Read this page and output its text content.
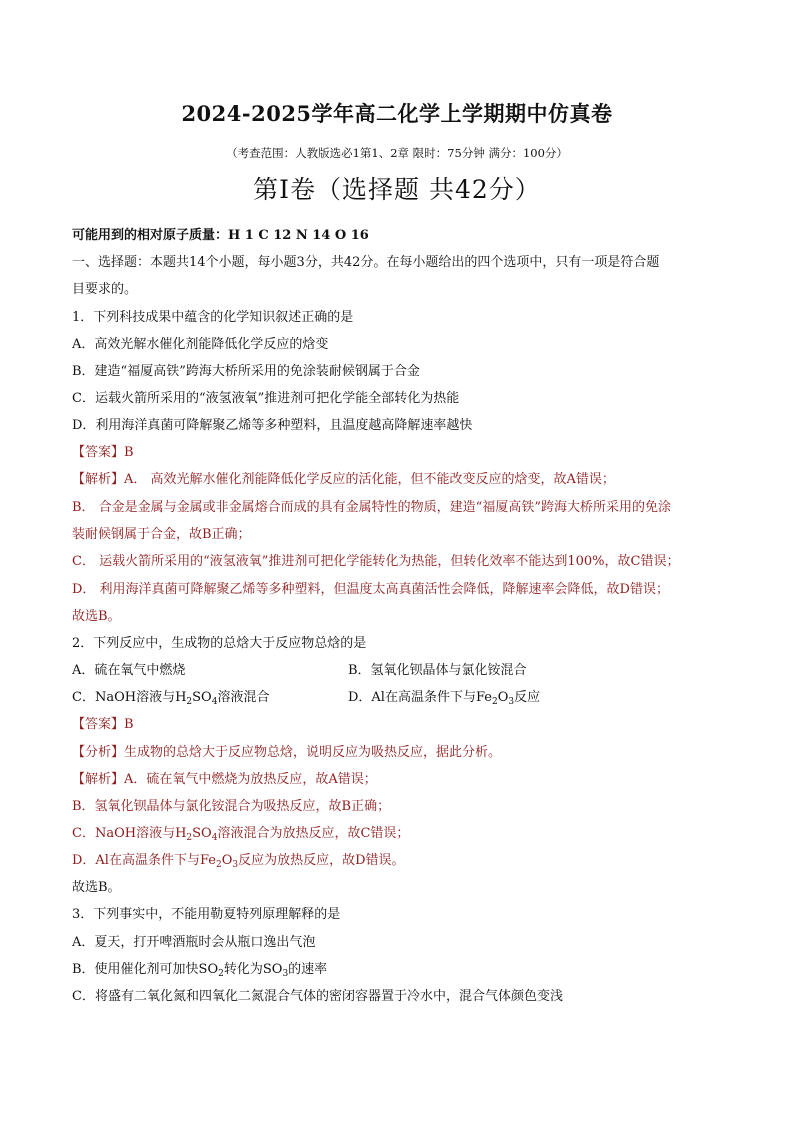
2024-2025学年高二化学上学期期中仿真卷
（考查范围：人教版选必1第1、2章 限时：75分钟 满分：100分）
第Ⅰ卷（选择题 共42分）
可能用到的相对原子质量：H 1 C 12 N 14 O 16
一、选择题：本题共14个小题，每小题3分，共42分。在每小题给出的四个选项中，只有一项是符合题
目要求的。
1．下列科技成果中蕴含的化学知识叙述正确的是
A．高效光解水催化剂能降低化学反应的焓变
B．建造“福厦高铁”跨海大桥所采用的免涂装耐候钢属于合金
C．运载火箭所采用的“液氢液氧”推进剂可把化学能全部转化为热能
D．利用海洋真菌可降解聚乙烯等多种塑料，且温度越高降解速率越快
【答案】B
【解析】A． 高效光解水催化剂能降低化学反应的活化能，但不能改变反应的焓变，故A错误；
B． 合金是金属与金属或非金属熔合而成的具有金属特性的物质，建造“福厦高铁”跨海大桥所采用的免涂
装耐候钢属于合金，故B正确；
C． 运载火箭所采用的“液氢液氧”推进剂可把化学能转化为热能，但转化效率不能达到100%，故C错误；
D． 利用海洋真菌可降解聚乙烯等多种塑料，但温度太高真菌活性会降低，降解速率会降低，故D错误；
故选B。
2．下列反应中，生成物的总焓大于反应物总焓的是
A．硫在氧气中燃烧	B．氢氧化钡晶体与氯化铵混合
C．NaOH溶液与$H_2SO_4$溶液混合	D．Al在高温条件下与$Fe_2O_3$反应
【答案】B
【分析】生成物的总焓大于反应物总焓，说明反应为吸热反应，据此分析。
【解析】A．硫在氧气中燃烧为放热反应，故A错误；
B．氢氧化钡晶体与氯化铵混合为吸热反应，故B正确；
C．NaOH溶液与$H_2SO_4$溶液混合为放热反应，故C错误；
D．Al在高温条件下与$Fe_2O_3$反应为放热反应，故D错误。
故选B。
3．下列事实中，不能用勒夏特列原理解释的是
A．夏天，打开啤酒瓶时会从瓶口逸出气泡
B．使用催化剂可加快$SO_2$转化为$SO_3$的速率
C．将盛有二氧化氮和四氧化二氮混合气体的密闭容器置于冷水中，混合气体颜色变浅
